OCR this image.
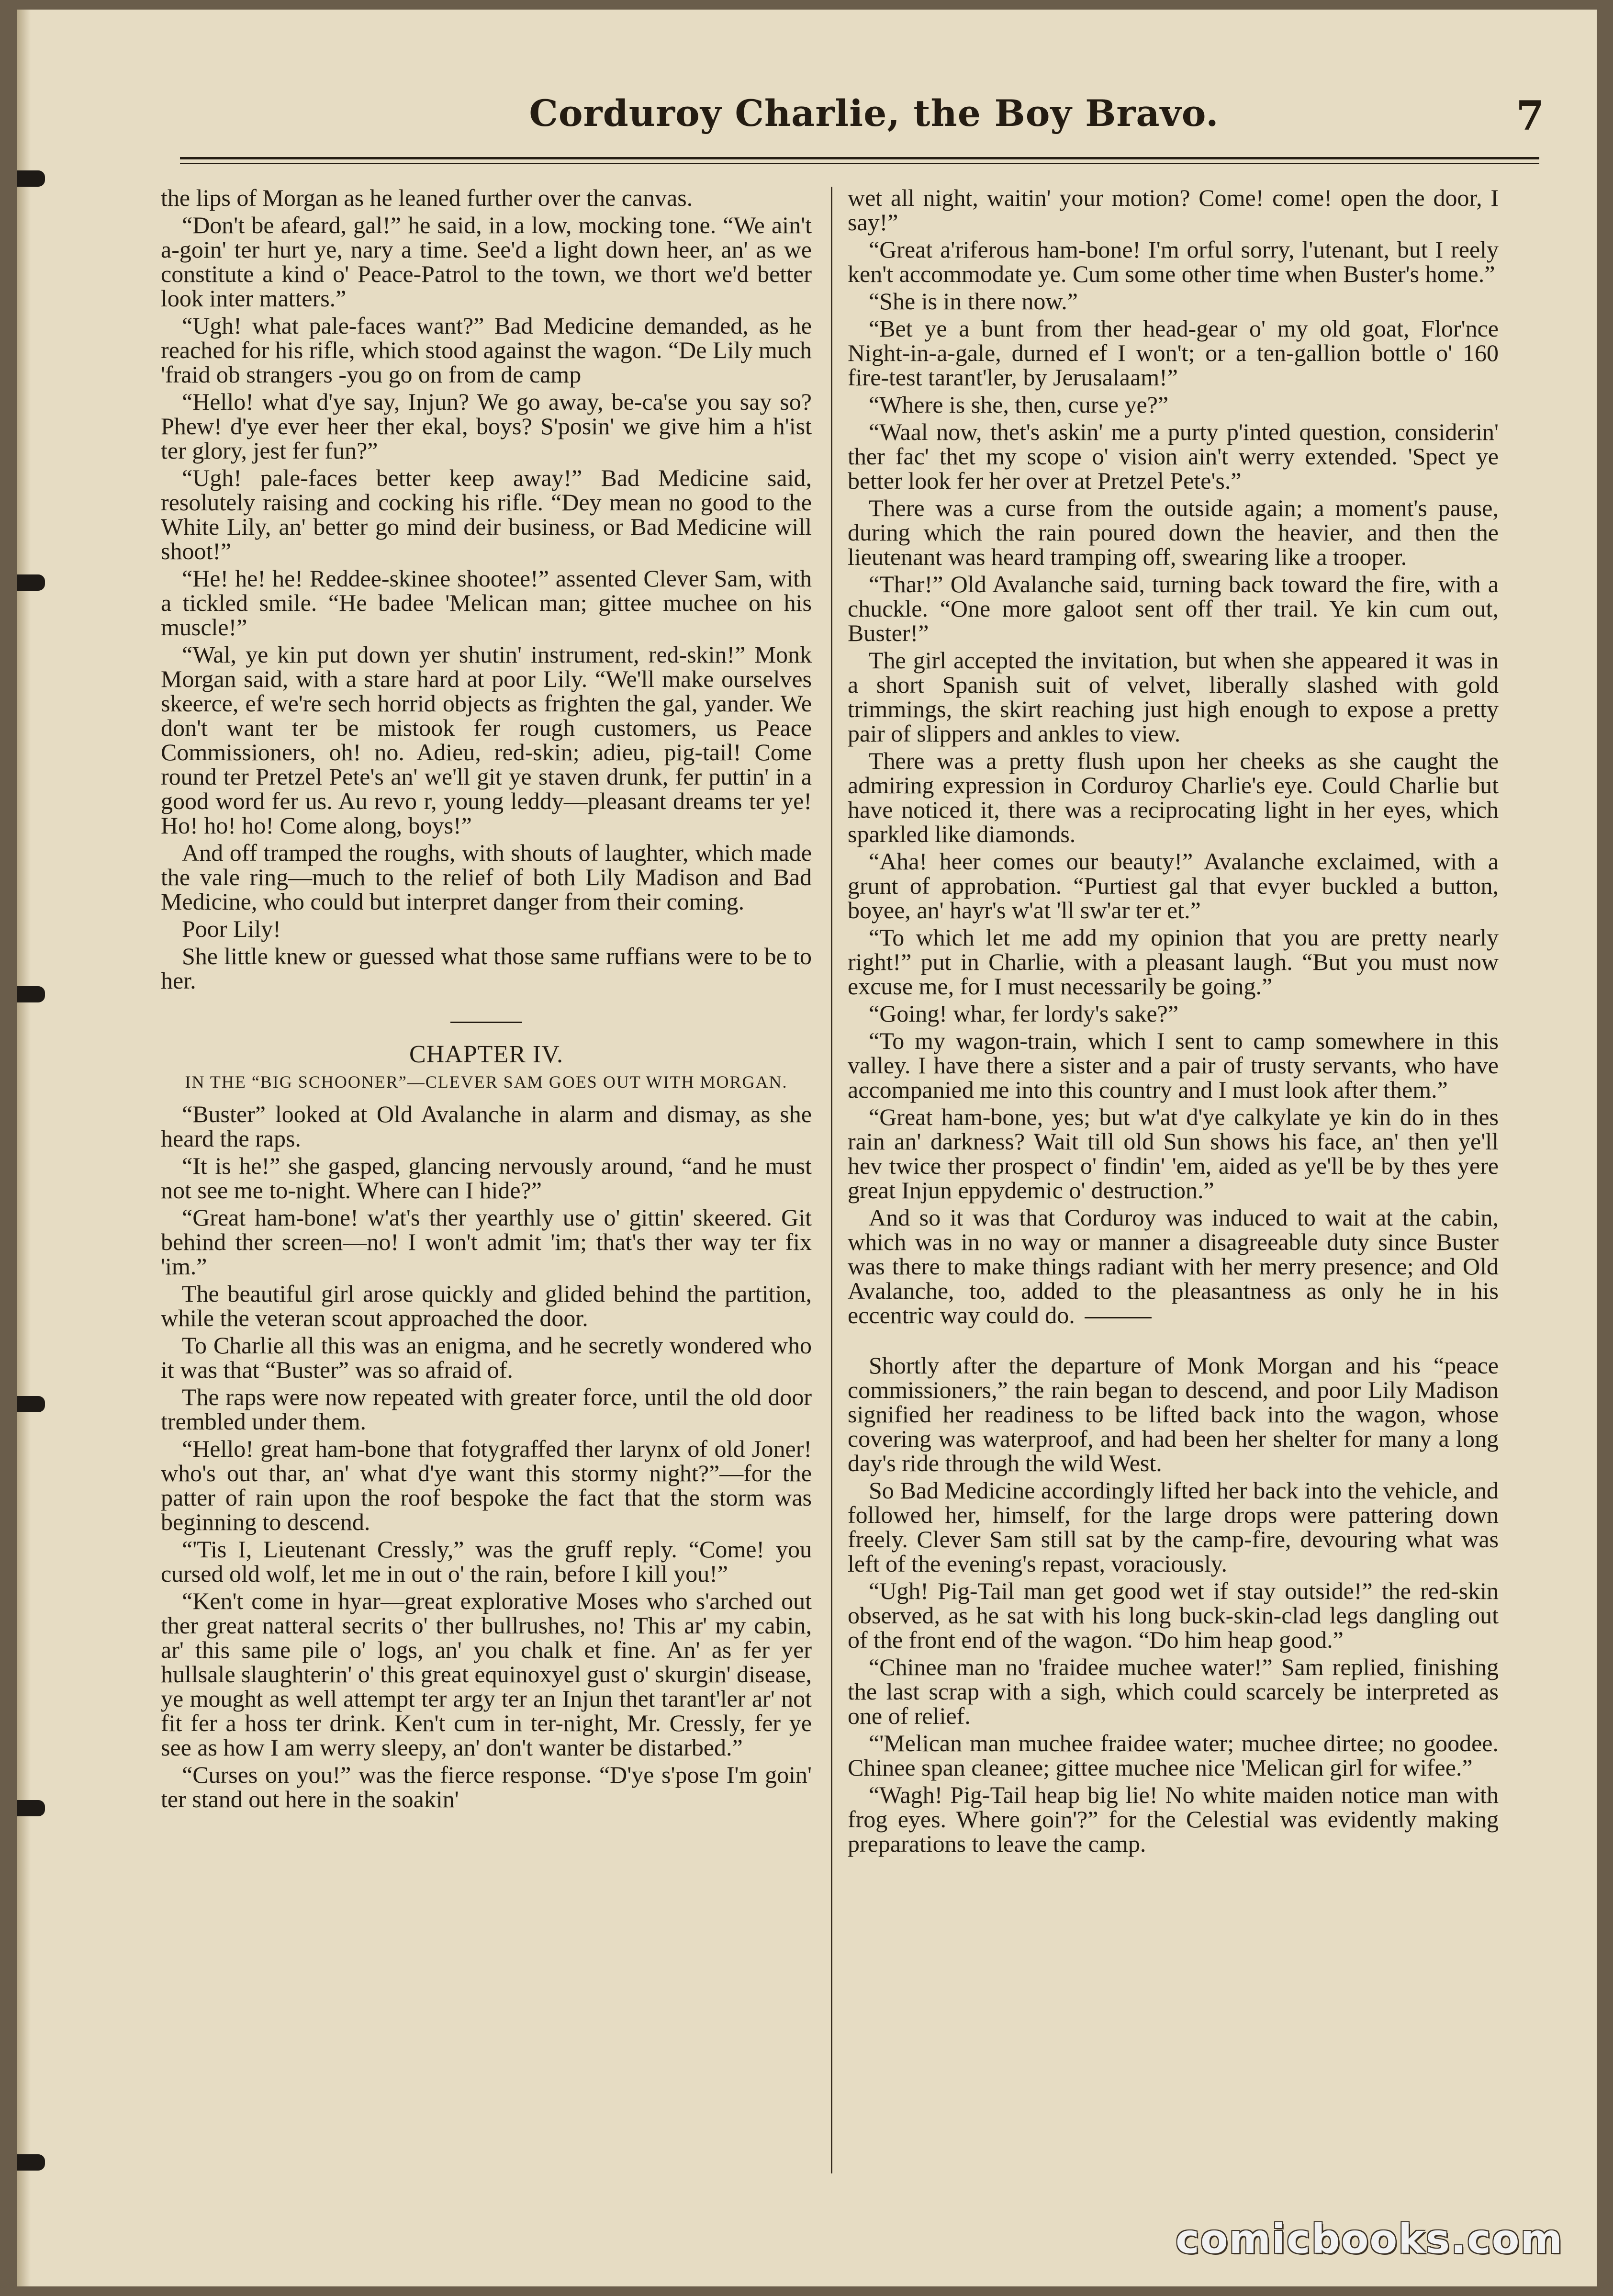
Corduroy Charlie, the Boy Bravo.	7

the lips of Morgan as he leaned further over the canvas.

“Don't be afeard, gal!” he said, in a low, mocking tone. “We ain't a-goin' ter hurt ye, nary a time. See'd a light down heer, an' as we constitute a kind o' Peace-Patrol to the town, we thort we'd better look inter matters.”

“Ugh! what pale-faces want?” Bad Medicine demanded, as he reached for his rifle, which stood against the wagon. “De Lily much 'fraid ob strangers -you go on from de camp

“Hello! what d'ye say, Injun? We go away, be-ca'se you say so? Phew! d'ye ever heer ther ekal, boys? S'posin' we give him a h'ist ter glory, jest fer fun?”

“Ugh! pale-faces better keep away!” Bad Medicine said, resolutely raising and cocking his rifle. “Dey mean no good to the White Lily, an' better go mind deir business, or Bad Medicine will shoot!”

“He! he! he! Reddee-skinee shootee!” assented Clever Sam, with a tickled smile. “He badee 'Melican man; gittee muchee on his muscle!”

“Wal, ye kin put down yer shutin' instrument, red-skin!” Monk Morgan said, with a stare hard at poor Lily. “We'll make ourselves skeerce, ef we're sech horrid objects as frighten the gal, yander. We don't want ter be mistook fer rough customers, us Peace Commissioners, oh! no. Adieu, red-skin; adieu, pig-tail! Come round ter Pretzel Pete's an' we'll git ye staven drunk, fer puttin' in a good word fer us. Au revo r, young leddy—pleasant dreams ter ye! Ho! ho! ho! Come along, boys!”

And off tramped the roughs, with shouts of laughter, which made the vale ring—much to the relief of both Lily Madison and Bad Medicine, who could but interpret danger from their coming.

Poor Lily!

She little knew or guessed what those same ruffians were to be to her.

CHAPTER IV.
IN THE “BIG SCHOONER”—CLEVER SAM GOES OUT WITH MORGAN.

“Buster” looked at Old Avalanche in alarm and dismay, as she heard the raps.

“It is he!” she gasped, glancing nervously around, “and he must not see me to-night. Where can I hide?”

“Great ham-bone! w'at's ther yearthly use o' gittin' skeered. Git behind ther screen—no! I won't admit 'im; that's ther way ter fix 'im.”

The beautiful girl arose quickly and glided behind the partition, while the veteran scout approached the door.

To Charlie all this was an enigma, and he secretly wondered who it was that “Buster” was so afraid of.

The raps were now repeated with greater force, until the old door trembled under them.

“Hello! great ham-bone that fotygraffed ther larynx of old Joner! who's out thar, an' what d'ye want this stormy night?”—for the patter of rain upon the roof bespoke the fact that the storm was beginning to descend.

“'Tis I, Lieutenant Cressly,” was the gruff reply. “Come! you cursed old wolf, let me in out o' the rain, before I kill you!”

“Ken't come in hyar—great explorative Moses who s'arched out ther great natteral secrits o' ther bullrushes, no! This ar' my cabin, ar' this same pile o' logs, an' you chalk et fine. An' as fer yer hullsale slaughterin' o' this great equinoxyel gust o' skurgin' disease, ye mought as well attempt ter argy ter an Injun thet tarant'ler ar' not fit fer a hoss ter drink. Ken't cum in ter-night, Mr. Cressly, fer ye see as how I am werry sleepy, an' don't wanter be distarbed.”

“Curses on you!” was the fierce response. “D'ye s'pose I'm goin' ter stand out here in the soakin'

wet all night, waitin' your motion? Come! come! open the door, I say!”

“Great a'riferous ham-bone! I'm orful sorry, l'utenant, but I reely ken't accommodate ye. Cum some other time when Buster's home.”

“She is in there now.”

“Bet ye a bunt from ther head-gear o' my old goat, Flor'nce Night-in-a-gale, durned ef I won't; or a ten-gallion bottle o' 160 fire-test tarant'ler, by Jerusalaam!”

“Where is she, then, curse ye?”

“Waal now, thet's askin' me a purty p'inted question, considerin' ther fac' thet my scope o' vision ain't werry extended. 'Spect ye better look fer her over at Pretzel Pete's.”

There was a curse from the outside again; a moment's pause, during which the rain poured down the heavier, and then the lieutenant was heard tramping off, swearing like a trooper.

“Thar!” Old Avalanche said, turning back toward the fire, with a chuckle. “One more galoot sent off ther trail. Ye kin cum out, Buster!”

The girl accepted the invitation, but when she appeared it was in a short Spanish suit of velvet, liberally slashed with gold trimmings, the skirt reaching just high enough to expose a pretty pair of slippers and ankles to view.

There was a pretty flush upon her cheeks as she caught the admiring expression in Corduroy Charlie's eye. Could Charlie but have noticed it, there was a reciprocating light in her eyes, which sparkled like diamonds.

“Aha! heer comes our beauty!” Avalanche exclaimed, with a grunt of approbation. “Purtiest gal that evyer buckled a button, boyee, an' hayr's w'at 'll sw'ar ter et.”

“To which let me add my opinion that you are pretty nearly right!” put in Charlie, with a pleasant laugh. “But you must now excuse me, for I must necessarily be going.”

“Going! whar, fer lordy's sake?”

“To my wagon-train, which I sent to camp somewhere in this valley. I have there a sister and a pair of trusty servants, who have accompanied me into this country and I must look after them.”

“Great ham-bone, yes; but w'at d'ye calkylate ye kin do in thes rain an' darkness? Wait till old Sun shows his face, an' then ye'll hev twice ther prospect o' findin' 'em, aided as ye'll be by thes yere great Injun eppydemic o' destruction.”

And so it was that Corduroy was induced to wait at the cabin, which was in no way or manner a disagreeable duty since Buster was there to make things radiant with her merry presence; and Old Avalanche, too, added to the pleasantness as only he in his eccentric way could do.

Shortly after the departure of Monk Morgan and his “peace commissioners,” the rain began to descend, and poor Lily Madison signified her readiness to be lifted back into the wagon, whose covering was waterproof, and had been her shelter for many a long day's ride through the wild West.

So Bad Medicine accordingly lifted her back into the vehicle, and followed her, himself, for the large drops were pattering down freely. Clever Sam still sat by the camp-fire, devouring what was left of the evening's repast, voraciously.

“Ugh! Pig-Tail man get good wet if stay outside!” the red-skin observed, as he sat with his long buck-skin-clad legs dangling out of the front end of the wagon. “Do him heap good.”

“Chinee man no 'fraidee muchee water!” Sam replied, finishing the last scrap with a sigh, which could scarcely be interpreted as one of relief.

“'Melican man muchee fraidee water; muchee dirtee; no goodee. Chinee span cleanee; gittee muchee nice 'Melican girl for wifee.”

“Wagh! Pig-Tail heap big lie! No white maiden notice man with frog eyes. Where goin'?” for the Celestial was evidently making preparations to leave the camp.

comicbooks.com
